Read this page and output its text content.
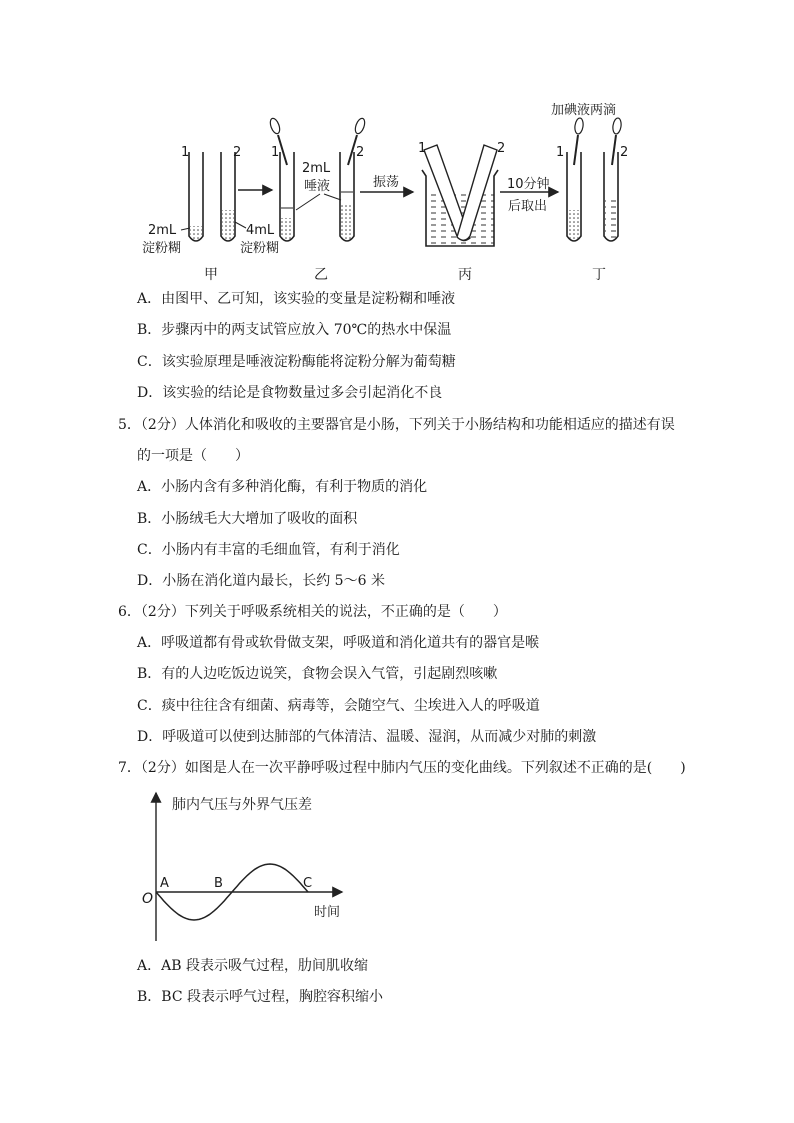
1	2
2mL
淀粉糊
4mL
淀粉糊
1	2
2mL
唾液	振荡
1	2
10分钟
后取出
加碘液两滴
1	2
甲	乙	丙	丁
A．由图甲、乙可知，该实验的变量是淀粉糊和唾液
B．步骤丙中的两支试管应放入 70℃的热水中保温
C．该实验原理是唾液淀粉酶能将淀粉分解为葡萄糖
D．该实验的结论是食物数量过多会引起消化不良
5．（2分）人体消化和吸收的主要器官是小肠，下列关于小肠结构和功能相适应的描述有误
的一项是（　　）
A．小肠内含有多种消化酶，有利于物质的消化
B．小肠绒毛大大增加了吸收的面积
C．小肠内有丰富的毛细血管，有利于消化
D．小肠在消化道内最长，长约 5～6 米
6．（2分）下列关于呼吸系统相关的说法，不正确的是（　　）
A．呼吸道都有骨或软骨做支架，呼吸道和消化道共有的器官是喉
B．有的人边吃饭边说笑，食物会误入气管，引起剧烈咳嗽
C．痰中往往含有细菌、病毒等，会随空气、尘埃进入人的呼吸道
D．呼吸道可以使到达肺部的气体清洁、温暖、湿润，从而减少对肺的刺激
7．（2分）如图是人在一次平静呼吸过程中肺内气压的变化曲线。下列叙述不正确的是(　　)
肺内气压与外界气压差
时间
O
A	B	C
A．AB 段表示吸气过程，肋间肌收缩
B．BC 段表示呼气过程，胸腔容积缩小
